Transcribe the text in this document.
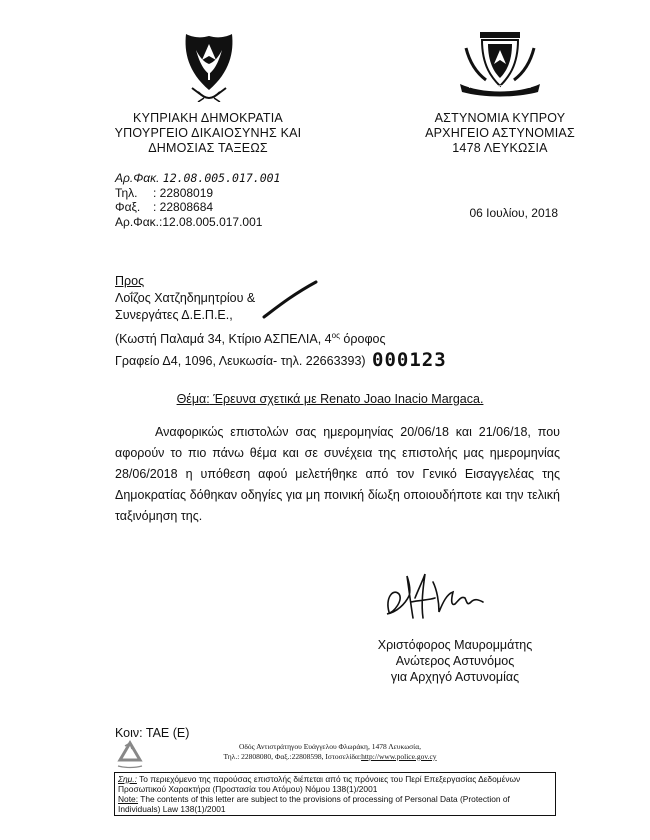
Ασφάλεια και Υπηρεσία
ΚΥΠΡΙΑΚΗ ΔΗΜΟΚΡΑΤΙΑ
ΥΠΟΥΡΓΕΙΟ ΔΙΚΑΙΟΣΥΝΗΣ ΚΑΙ
ΔΗΜΟΣΙΑΣ ΤΑΞΕΩΣ
ΑΣΤΥΝΟΜΙΑ ΚΥΠΡΟΥ
ΑΡΧΗΓΕΙΟ ΑΣΤΥΝΟΜΙΑΣ
1478 ΛΕΥΚΩΣΙΑ
Αρ.Φακ. 12.08.005.017.001
Τηλ. : 22808019
Φαξ. : 22808684
Αρ.Φακ.:12.08.005.017.001
06 Ιουλίου, 2018
Προς
Λοΐζος Χατζηδημητρίου &
Συνεργάτες Δ.Ε.Π.Ε.,
(Κωστή Παλαμά 34, Κτίριο ΑΣΠΕΛΙΑ, $4^{o\varsigma}$ όροφος
Γραφείο Δ4, 1096, Λευκωσία- τηλ. 22663393) 000123
Θέμα: Έρευνα σχετικά με Renato Joao Inacio Margaca.
Αναφορικώς επιστολών σας ημερομηνίας 20/06/18 και 21/06/18, που αφορούν το πιο πάνω θέμα και σε συνέχεια της επιστολής μας ημερομηνίας 28/06/2018 η υπόθεση αφού μελετήθηκε από τον Γενικό Εισαγγελέας της Δημοκρατίας δόθηκαν οδηγίες για μη ποινική δίωξη οποιουδήποτε και την τελική ταξινόμηση της.
Χριστόφορος Μαυρομμάτης
Ανώτερος Αστυνόμος
για Αρχηγό Αστυνομίας
Κοιν: ΤΑΕ (Ε)
Οδός Αντιστράτηγου Ευάγγελου Φλωράκη, 1478 Λευκωσία,
Τηλ.: 22808080, Φαξ.:22808598, Ιστοσελίδα:http://www.police.gov.cy
Σημ.: Το περιεχόμενο της παρούσας επιστολής διέπεται από τις πρόνοιες του Περί Επεξεργασίας Δεδομένων Προσωπικού Χαρακτήρα (Προστασία του Ατόμου) Νόμου 138(1)/2001
Note: The contents of this letter are subject to the provisions of processing of Personal Data (Protection of Individuals) Law 138(1)/2001
